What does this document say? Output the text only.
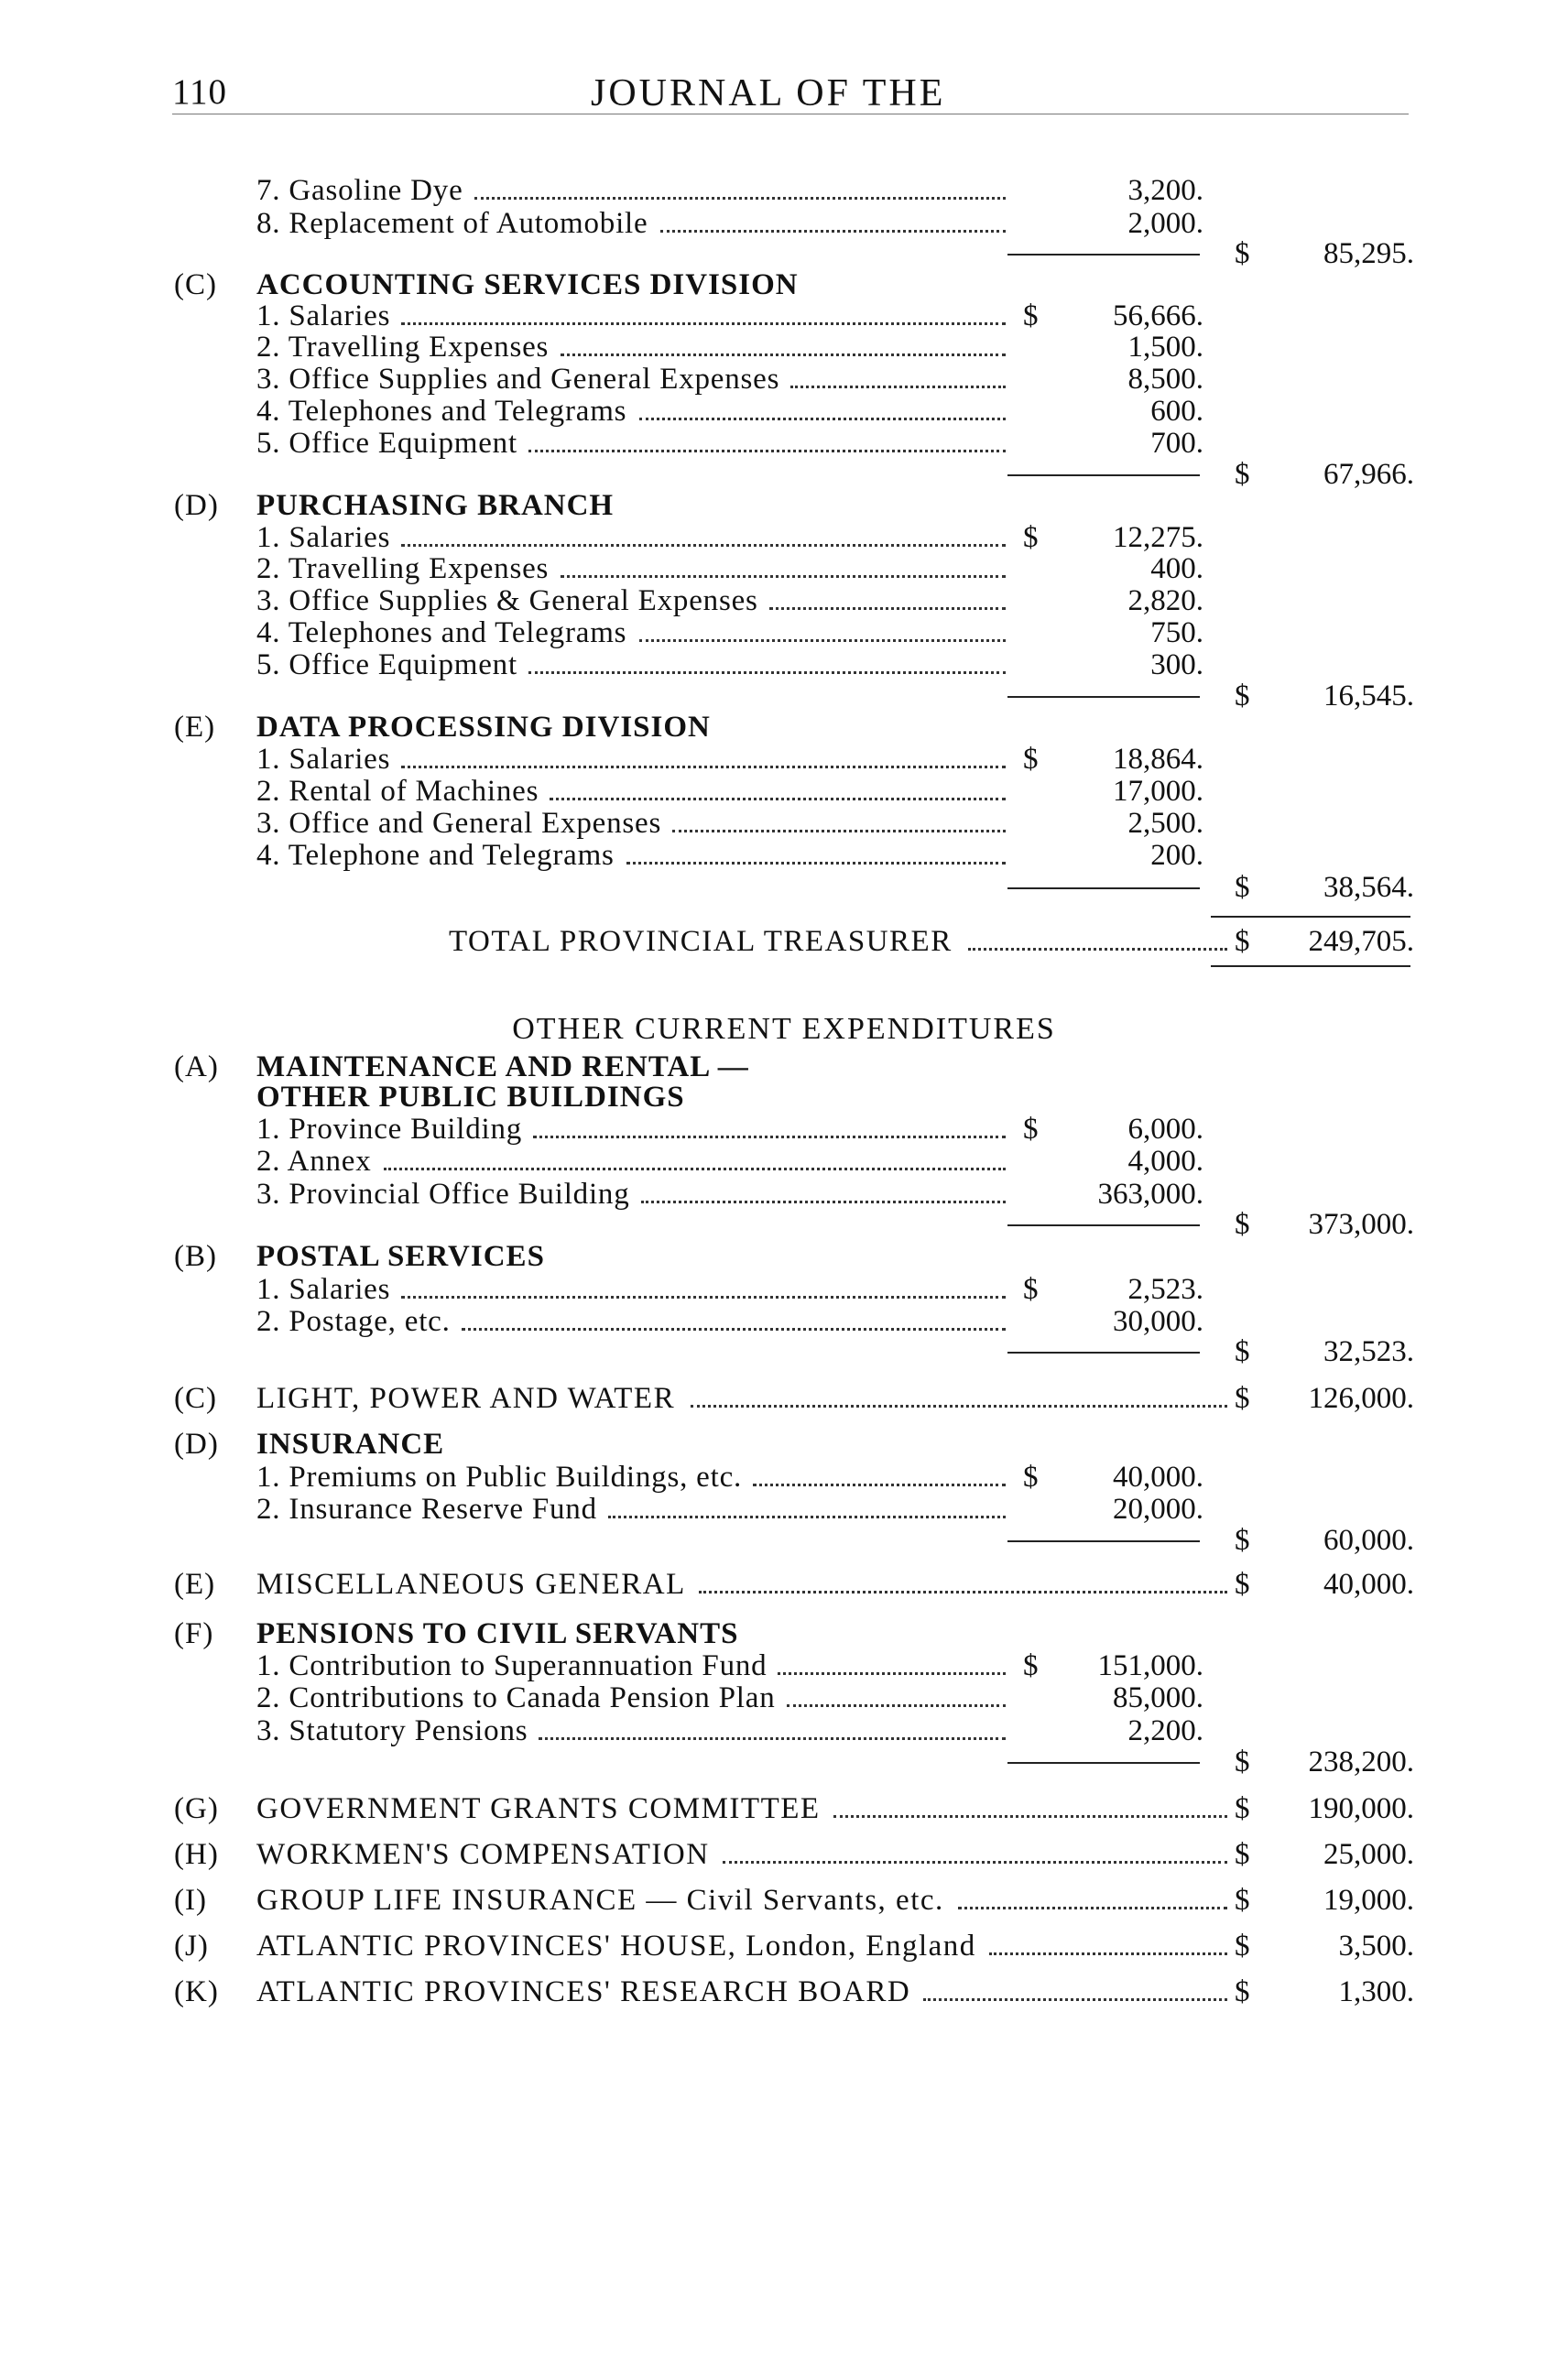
110	JOURNAL OF THE
7. Gasoline Dye	3,200.
8. Replacement of Automobile	2,000.
$ 85,295.
(C) ACCOUNTING SERVICES DIVISION
1. Salaries	$ 56,666.
2. Travelling Expenses	1,500.
3. Office Supplies and General Expenses	8,500.
4. Telephones and Telegrams	600.
5. Office Equipment	700.
$ 67,966.
(D) PURCHASING BRANCH
1. Salaries	$ 12,275.
2. Travelling Expenses	400.
3. Office Supplies & General Expenses	2,820.
4. Telephones and Telegrams	750.
5. Office Equipment	300.
$ 16,545.
(E) DATA PROCESSING DIVISION
1. Salaries	$ 18,864.
2. Rental of Machines	17,000.
3. Office and General Expenses	2,500.
4. Telephone and Telegrams	200.
$ 38,564.
TOTAL PROVINCIAL TREASURER	$ 249,705.
OTHER CURRENT EXPENDITURES
(A) MAINTENANCE AND RENTAL —
OTHER PUBLIC BUILDINGS
1. Province Building	$	6,000.
2. Annex	4,000.
3. Provincial Office Building	363,000.
$ 373,000.
(B) POSTAL SERVICES
1. Salaries	$	2,523.
2. Postage, etc.	30,000.
$ 32,523.
(C) LIGHT, POWER AND WATER	$ 126,000.
(D) INSURANCE
1. Premiums on Public Buildings, etc.	$ 40,000.
2. Insurance Reserve Fund	20,000.
$ 60,000.
(E) MISCELLANEOUS GENERAL	$ 40,000.
(F) PENSIONS TO CIVIL SERVANTS
1. Contribution to Superannuation Fund	$ 151,000.
2. Contributions to Canada Pension Plan	85,000.
3. Statutory Pensions	2,200.
$ 238,200.
(G) GOVERNMENT GRANTS COMMITTEE	$ 190,000.
(H) WORKMEN'S COMPENSATION	$ 25,000.
(I) GROUP LIFE INSURANCE — Civil Servants, etc.	$ 19,000.
(J) ATLANTIC PROVINCES' HOUSE, London, England	$	3,500.
(K) ATLANTIC PROVINCES' RESEARCH BOARD	$	1,300.
